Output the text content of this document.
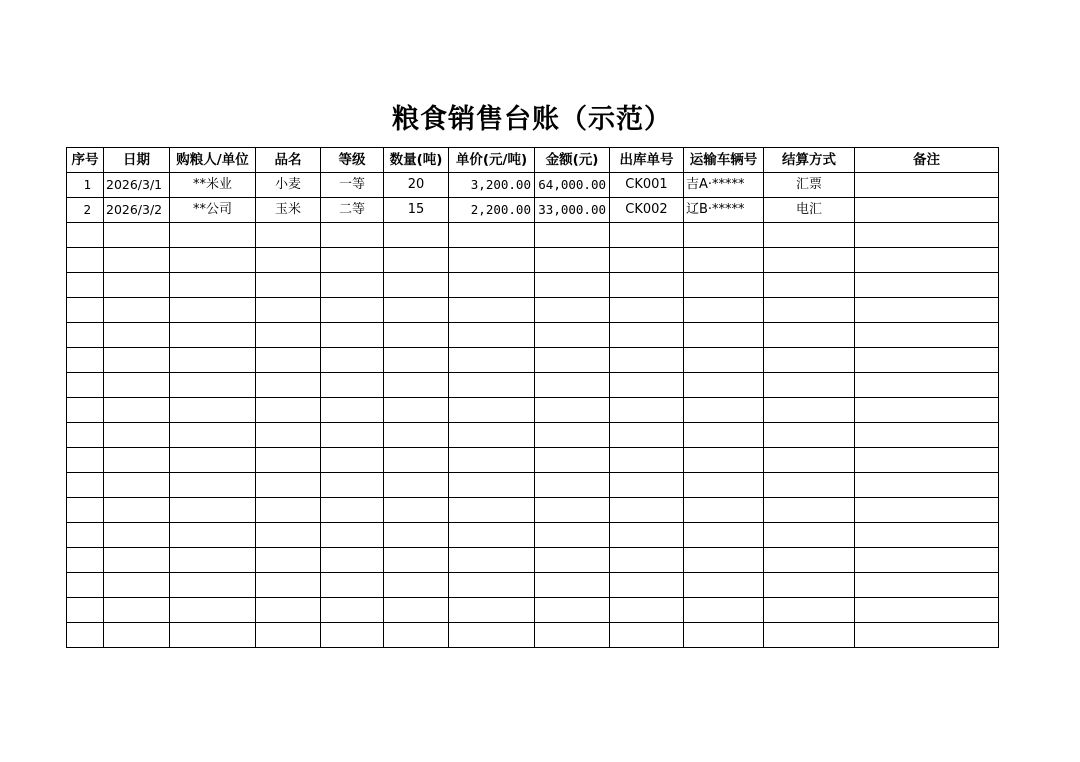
粮食销售台账（示范）
序号	日期	购粮人/单位	品名	等级	数量(吨)	单价(元/吨)	金额(元)	出库单号	运输车辆号	结算方式	备注
1	2026/3/1	**米业	小麦	一等	20	3,200.00	64,000.00	CK001	吉A·*****	汇票	
2	2026/3/2	**公司	玉米	二等	15	2,200.00	33,000.00	CK002	辽B·*****	电汇	
